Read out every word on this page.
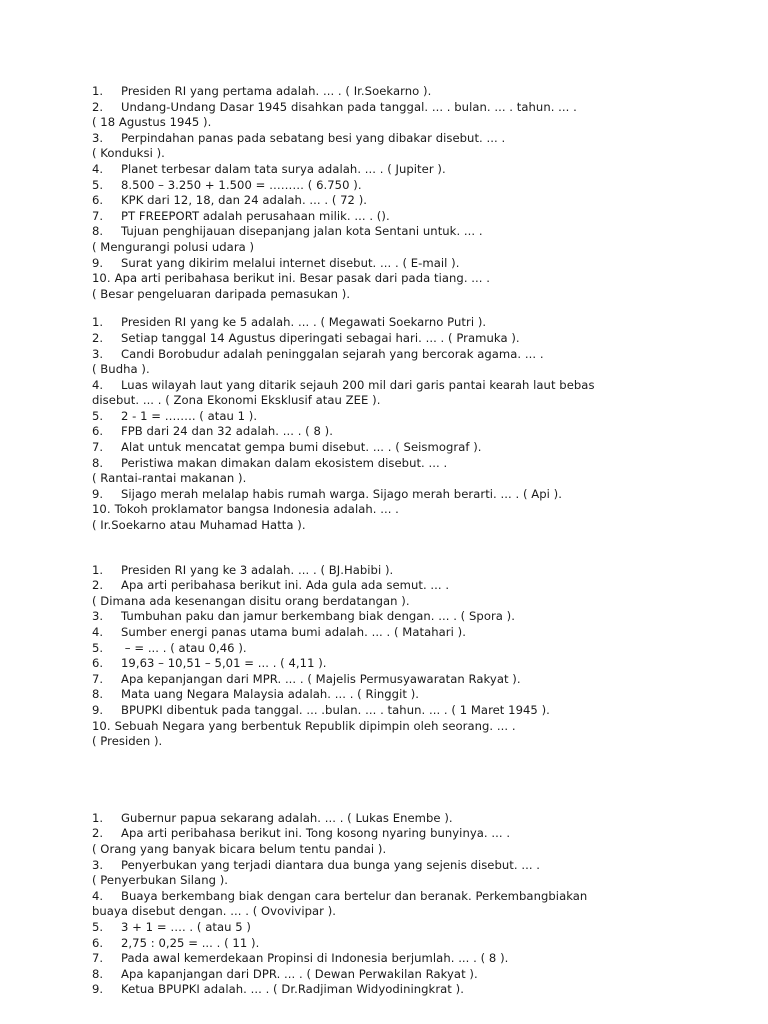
1. Presiden RI yang pertama adalah. ... . ( Ir.Soekarno ).
2. Undang-Undang Dasar 1945 disahkan pada tanggal. ... . bulan. ... . tahun. ... .
( 18 Agustus 1945 ).
3. Perpindahan panas pada sebatang besi yang dibakar disebut. ... .
( Konduksi ).
4. Planet terbesar dalam tata surya adalah. ... . ( Jupiter ).
5. 8.500 – 3.250 + 1.500 = ……… ( 6.750 ).
6. KPK dari 12, 18, dan 24 adalah. ... . ( 72 ).
7. PT FREEPORT adalah perusahaan milik. ... . ().
8. Tujuan penghijauan disepanjang jalan kota Sentani untuk. ... .
( Mengurangi polusi udara )
9. Surat yang dikirim melalui internet disebut. ... . ( E-mail ).
10. Apa arti peribahasa berikut ini. Besar pasak dari pada tiang. ... .
( Besar pengeluaran daripada pemasukan ).
1. Presiden RI yang ke 5 adalah. ... . ( Megawati Soekarno Putri ).
2. Setiap tanggal 14 Agustus diperingati sebagai hari. ... . ( Pramuka ).
3. Candi Borobudur adalah peninggalan sejarah yang bercorak agama. ... .
( Budha ).
4. Luas wilayah laut yang ditarik sejauh 200 mil dari garis pantai kearah laut bebas
disebut. ... . ( Zona Ekonomi Eksklusif atau ZEE ).
5. 2 - 1 = …….. ( atau 1 ).
6. FPB dari 24 dan 32 adalah. ... . ( 8 ).
7. Alat untuk mencatat gempa bumi disebut. ... . ( Seismograf ).
8. Peristiwa makan dimakan dalam ekosistem disebut. ... .
( Rantai-rantai makanan ).
9. Sijago merah melalap habis rumah warga. Sijago merah berarti. ... . ( Api ).
10. Tokoh proklamator bangsa Indonesia adalah. ... .
( Ir.Soekarno atau Muhamad Hatta ).
1. Presiden RI yang ke 3 adalah. ... . ( BJ.Habibi ).
2. Apa arti peribahasa berikut ini. Ada gula ada semut. ... .
( Dimana ada kesenangan disitu orang berdatangan ).
3. Tumbuhan paku dan jamur berkembang biak dengan. ... . ( Spora ).
4. Sumber energi panas utama bumi adalah. ... . ( Matahari ).
5. – = ... . ( atau 0,46 ).
6. 19,63 – 10,51 – 5,01 = ... . ( 4,11 ).
7. Apa kepanjangan dari MPR. ... . ( Majelis Permusyawaratan Rakyat ).
8. Mata uang Negara Malaysia adalah. ... . ( Ringgit ).
9. BPUPKI dibentuk pada tanggal. ... .bulan. ... . tahun. ... . ( 1 Maret 1945 ).
10. Sebuah Negara yang berbentuk Republik dipimpin oleh seorang. ... .
( Presiden ).
1. Gubernur papua sekarang adalah. ... . ( Lukas Enembe ).
2. Apa arti peribahasa berikut ini. Tong kosong nyaring bunyinya. ... .
( Orang yang banyak bicara belum tentu pandai ).
3. Penyerbukan yang terjadi diantara dua bunga yang sejenis disebut. ... .
( Penyerbukan Silang ).
4. Buaya berkembang biak dengan cara bertelur dan beranak. Perkembangbiakan
buaya disebut dengan. ... . ( Ovovivipar ).
5. 3 + 1 = …. . ( atau 5 )
6. 2,75 : 0,25 = ... . ( 11 ).
7. Pada awal kemerdekaan Propinsi di Indonesia berjumlah. ... . ( 8 ).
8. Apa kapanjangan dari DPR. ... . ( Dewan Perwakilan Rakyat ).
9. Ketua BPUPKI adalah. ... . ( Dr.Radjiman Widyodiningkrat ).
